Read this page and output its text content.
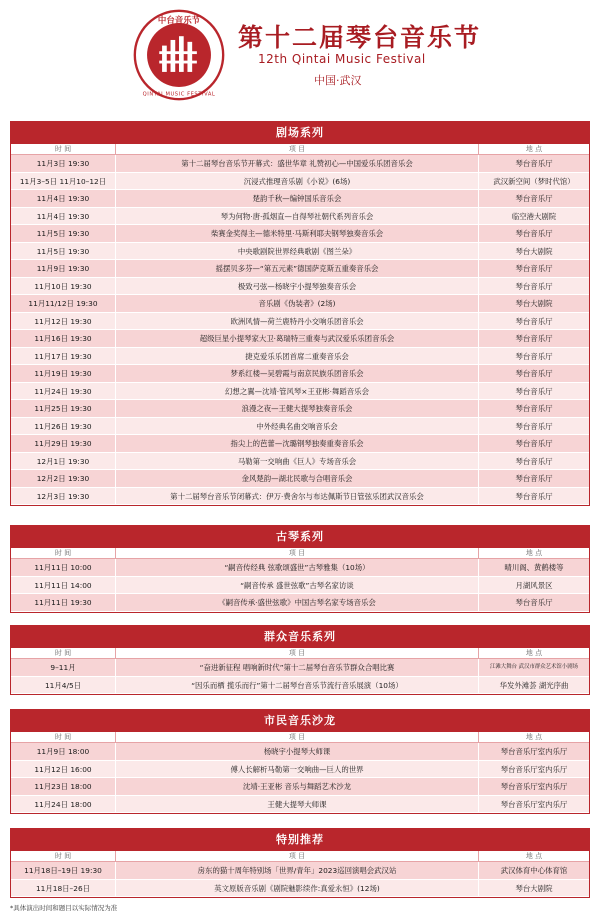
中台音乐节
QINTAI MUSIC FESTIVAL
第十二届琴台音乐节
12th Qintai Music Festival
中国·武汉
剧场系列
时 间	项 目	地 点
11月3日 19:30	第十二届琴台音乐节开幕式：盛世华章 礼赞初心—中国爱乐乐团音乐会	琴台音乐厅
11月3–5日 11月10–12日	沉浸式推理音乐剧《小说》(6场)	武汉新空间（梦时代馆）
11月4日 19:30	楚韵千秋—编钟国乐音乐会	琴台音乐厅
11月4日 19:30	琴为何物·唐·孤烟直—自得琴社朝代系列音乐会	临空港大剧院
11月5日 19:30	柴赛金奖得主—德米特里·马斯利耶夫钢琴独奏音乐会	琴台音乐厅
11月5日 19:30	中央歌剧院世界经典歌剧《图兰朵》	琴台大剧院
11月9日 19:30	摇摆贝多芬—“第五元素”德国萨克斯五重奏音乐会	琴台音乐厅
11月10日 19:30	极致弓弦—杨晓宇小提琴独奏音乐会	琴台音乐厅
11月11/12日 19:30	音乐剧《伪装者》(2场)	琴台大剧院
11月12日 19:30	欧洲风情—荷兰鹿特丹小交响乐团音乐会	琴台音乐厅
11月16日 19:30	超级巨星小提琴家大卫·葛瑞特三重奏与武汉爱乐乐团音乐会	琴台音乐厅
11月17日 19:30	捷克爱乐乐团首席二重奏音乐会	琴台音乐厅
11月19日 19:30	梦系红楼—吴碧霞与南京民族乐团音乐会	琴台音乐厅
11月24日 19:30	幻想之翼—沈靖·管风琴×王亚彬·舞蹈音乐会	琴台音乐厅
11月25日 19:30	浪漫之夜—王健大提琴独奏音乐会	琴台音乐厅
11月26日 19:30	中外经典名曲交响音乐会	琴台音乐厅
11月29日 19:30	指尖上的芭蕾—沈璐钢琴独奏重奏音乐会	琴台音乐厅
12月1日 19:30	马勒第一交响曲《巨人》专场音乐会	琴台音乐厅
12月2日 19:30	金风楚韵—湖北民歌与合唱音乐会	琴台音乐厅
12月3日 19:30	第十二届琴台音乐节闭幕式：伊万·费舍尔与布达佩斯节日管弦乐团武汉音乐会	琴台音乐厅
古琴系列
时 间	项 目	地 点
11月11日 10:00	“嗣音传经典 弦歌颂盛世”古琴雅集（10场）	晴川阁、黄鹤楼等
11月11日 14:00	“嗣音传承 盛世弦歌”古琴名家访谈	月湖风景区
11月11日 19:30	《嗣音传承·盛世弦歌》中国古琴名家专场音乐会	琴台音乐厅
群众音乐系列
时 间	项 目	地 点
9–11月	“奋进新征程 唱响新时代”第十二届琴台音乐节群众合唱比赛	江滩大舞台 武汉市群众艺术馆小剧场
11月4/5日	“因乐而栖 揽乐而行”第十二届琴台音乐节流行音乐展演（10场）	华发外滩荟 湖光序曲
市民音乐沙龙
时 间	项 目	地 点
11月9日 18:00	杨晓宇小提琴大师课	琴台音乐厅室内乐厅
11月12日 16:00	傅人长解析马勒第一交响曲—巨人的世界	琴台音乐厅室内乐厅
11月23日 18:00	沈靖·王亚彬 音乐与舞蹈艺术沙龙	琴台音乐厅室内乐厅
11月24日 18:00	王健大提琴大师课	琴台音乐厅室内乐厅
特别推荐
时 间	项 目	地 点
11月18日–19日 19:30	房东的猫十周年特别场「世界/青年」2023巡回演唱会武汉站	武汉体育中心体育馆
11月18日–26日	英文原版音乐剧《剧院魅影续作:真爱永恒》(12场)	琴台大剧院
*具体演出时间和题目以实际情况为准
